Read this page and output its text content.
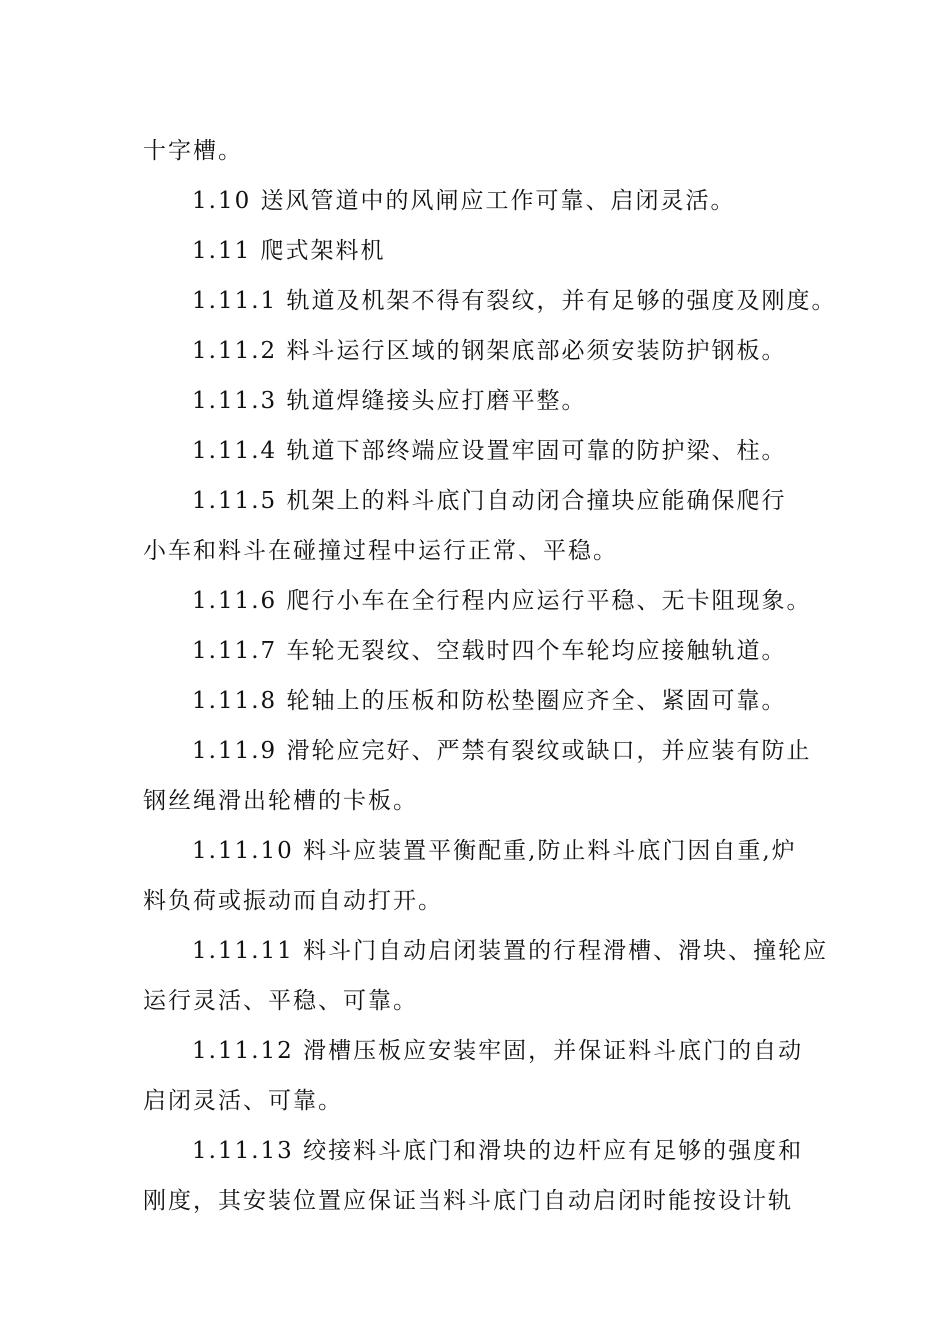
十字槽。
1.10 送风管道中的风闸应工作可靠、启闭灵活。
1.11 爬式架料机
1.11.1 轨道及机架不得有裂纹，并有足够的强度及刚度。
1.11.2 料斗运行区域的钢架底部必须安装防护钢板。
1.11.3 轨道焊缝接头应打磨平整。
1.11.4 轨道下部终端应设置牢固可靠的防护梁、柱。
1.11.5 机架上的料斗底门自动闭合撞块应能确保爬行
小车和料斗在碰撞过程中运行正常、平稳。
1.11.6 爬行小车在全行程内应运行平稳、无卡阻现象。
1.11.7 车轮无裂纹、空载时四个车轮均应接触轨道。
1.11.8 轮轴上的压板和防松垫圈应齐全、紧固可靠。
1.11.9 滑轮应完好、严禁有裂纹或缺口，并应装有防止
钢丝绳滑出轮槽的卡板。
1.11.10 料斗应装置平衡配重,防止料斗底门因自重,炉
料负荷或振动而自动打开。
1.11.11 料斗门自动启闭装置的行程滑槽、滑块、撞轮应
运行灵活、平稳、可靠。
1.11.12 滑槽压板应安装牢固，并保证料斗底门的自动
启闭灵活、可靠。
1.11.13 绞接料斗底门和滑块的边杆应有足够的强度和
刚度，其安装位置应保证当料斗底门自动启闭时能按设计轨
